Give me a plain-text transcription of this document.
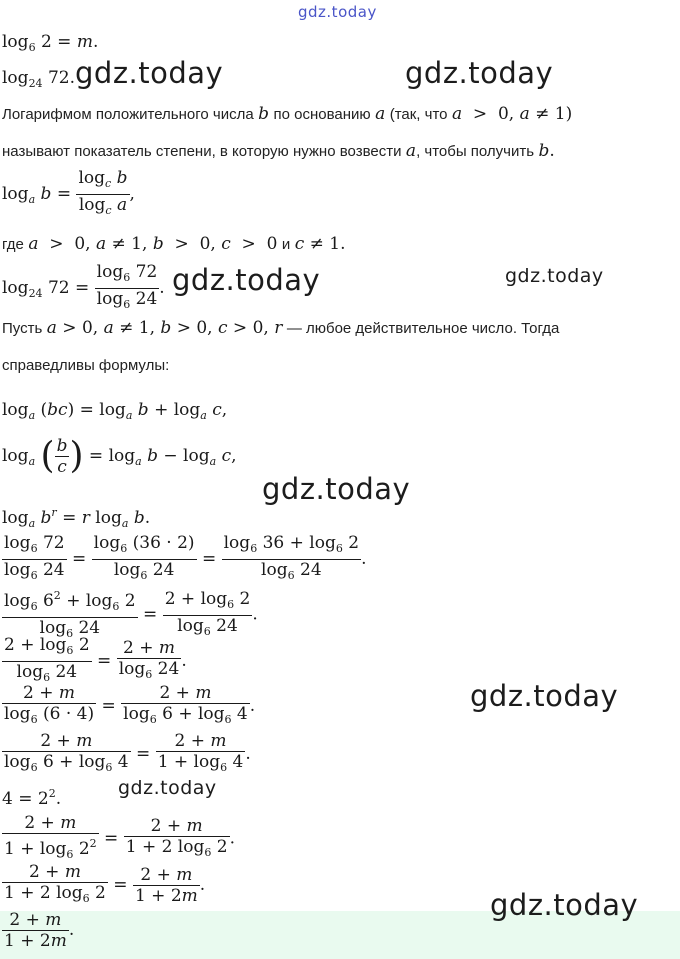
gdz.today
$\log_6 2 = m$.
$\log_{24} 72$. gdz.today	gdz.today
Логарифмом положительного числа b по основанию a (так, что a  >  0, a ≠ 1)
называют показатель степени, в которую нужно возвести a, чтобы получить b.
$\log_a b = \frac{\log_c b}{\log_c a}$ ,
где a  >  0, a ≠ 1, b  >  0, c  >  0 и c ≠ 1.
$\log_{24} 72 = \frac{\log_6 72}{\log_6 24}$ . gdz.today	gdz.today
Пусть a > 0, a ≠ 1, b > 0, c > 0, r — любое действительное число. Тогда
справедливы формулы:
$\log_a (bc) = \log_a b + \log_a c$,
$\log_a$ ( $\frac{b}{c}$ ) = $\log_a b - \log_a c$,
gdz.today
$\log_a b^r = r$ $\log_a b$.
$\frac{\log_6 72}{\log_6 24} = \frac{\log_6 (36 \cdot 2)}{\log_6 24} = \frac{\log_6 36 + \log_6 2}{\log_6 24}$ .
$\frac{\log_6 6^2 + \log_6 2}{\log_6 24} = \frac{2 + \log_6 2}{\log_6 24}$ .
$\frac{2 + \log_6 2}{\log_6 24} = \frac{2 + m}{\log_6 24}$ .
$\frac{2 + m}{\log_6 (6 \cdot 4)} = \frac{2 + m}{\log_6 6 + \log_6 4}$ .	gdz.today
$\frac{2 + m}{\log_6 6 + \log_6 4} = \frac{2 + m}{1 + \log_6 4}$ .
$4 = 2^2$.	gdz.today
$\frac{2 + m}{1 + \log_6 2^2} = \frac{2 + m}{1 + 2 \log_6 2}$ .
$\frac{2 + m}{1 + 2 \log_6 2} = \frac{2 + m}{1 + 2m}$ .
gdz.today
$\frac{2 + m}{1 + 2m}$ .
